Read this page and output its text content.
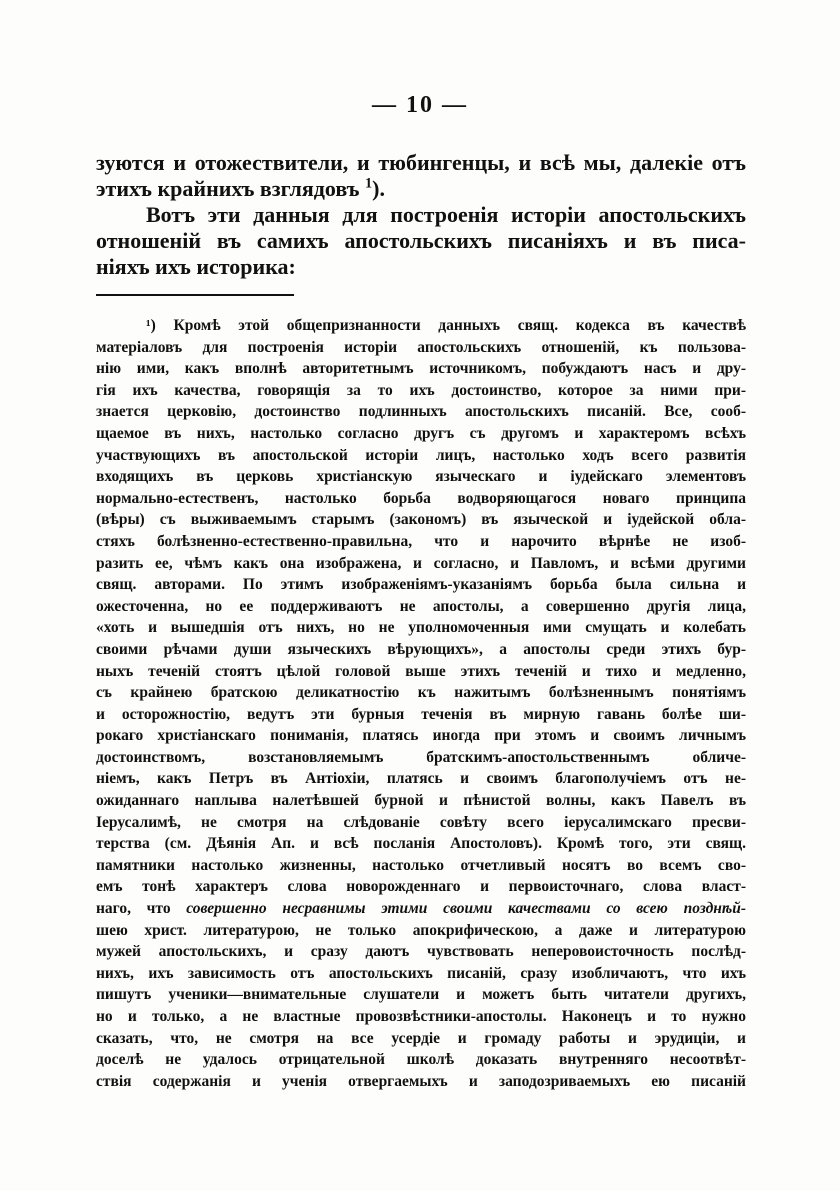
— 10 —
зуются и отожествители, и тюбингенцы, и всѣ мы, далекіе отъ
этихъ крайнихъ взглядовъ $^1$).
Вотъ эти данныя для построенія исторіи апостольскихъ
отношеній въ самихъ апостольскихъ писаніяхъ и въ писа-
ніяхъ ихъ историка:
¹) Кромѣ этой общепризнанности данныхъ свящ. кодекса въ качествѣ
матеріаловъ для построенія исторіи апостольскихъ отношеній, къ пользова-
нію ими, какъ вполнѣ авторитетнымъ источникомъ, побуждаютъ насъ и дру-
гія ихъ качества, говорящія за то ихъ достоинство, которое за ними при-
знается церковію, достоинство подлинныхъ апостольскихъ писаній. Все, сооб-
щаемое въ нихъ, настолько согласно другъ съ другомъ и характеромъ всѣхъ
участвующихъ въ апостольской исторіи лицъ, настолько ходъ всего развитія
входящихъ въ церковь христіанскую языческаго и іудейскаго элементовъ
нормально-естественъ, настолько борьба водворяющагося новаго принципа
(вѣры) съ выживаемымъ старымъ (закономъ) въ языческой и іудейской обла-
стяхъ болѣзненно-естественно-правильна, что и нарочито вѣрнѣе не изоб-
разить ее, чѣмъ какъ она изображена, и согласно, и Павломъ, и всѣми другими
свящ. авторами. По этимъ изображеніямъ-указаніямъ борьба была сильна и
ожесточенна, но ее поддерживаютъ не апостолы, а совершенно другія лица,
«хоть и вышедшія отъ нихъ, но не уполномоченныя ими смущать и колебать
своими рѣчами души языческихъ вѣрующихъ», а апостолы среди этихъ бур-
ныхъ теченій стоятъ цѣлой головой выше этихъ теченій и тихо и медленно,
съ крайнею братскою деликатностію къ нажитымъ болѣзненнымъ понятіямъ
и осторожностію, ведутъ эти бурныя теченія въ мирную гавань болѣе ши-
рокаго христіанскаго пониманія, платясь иногда при этомъ и своимъ личнымъ
достоинствомъ, возстановляемымъ братскимъ-апостольственнымъ обличе-
ніемъ, какъ Петръ въ Антіохіи, платясь и своимъ благополучіемъ отъ не-
ожиданнаго наплыва налетѣвшей бурной и пѣнистой волны, какъ Павелъ въ
Іерусалимѣ, не смотря на слѣдованіе совѣту всего іерусалимскаго пресви-
терства (см. Дѣянія Ап. и всѣ посланія Апостоловъ). Кромѣ того, эти свящ.
памятники настолько жизненны, настолько отчетливый носятъ во всемъ сво-
емъ тонѣ характеръ слова новорожденнаго и первоисточнаго, слова власт-
наго, что совершенно несравнимы этими своими качествами со всею позднѣй-
шею христ. литературою, не только апокрифическою, а даже и литературою
мужей апостольскихъ, и сразу даютъ чувствовать неперовоисточность послѣд-
нихъ, ихъ зависимость отъ апостольскихъ писаній, сразу изобличаютъ, что ихъ
пишутъ ученики—внимательные слушатели и можетъ быть читатели другихъ,
но и только, а не властные провозвѣстники-апостолы. Наконецъ и то нужно
сказать, что, не смотря на все усердіе и громаду работы и эрудиціи, и
доселѣ не удалось отрицательной школѣ доказать внутренняго несоотвѣт-
ствія содержанія и ученія отвергаемыхъ и заподозриваемыхъ ею писаній
